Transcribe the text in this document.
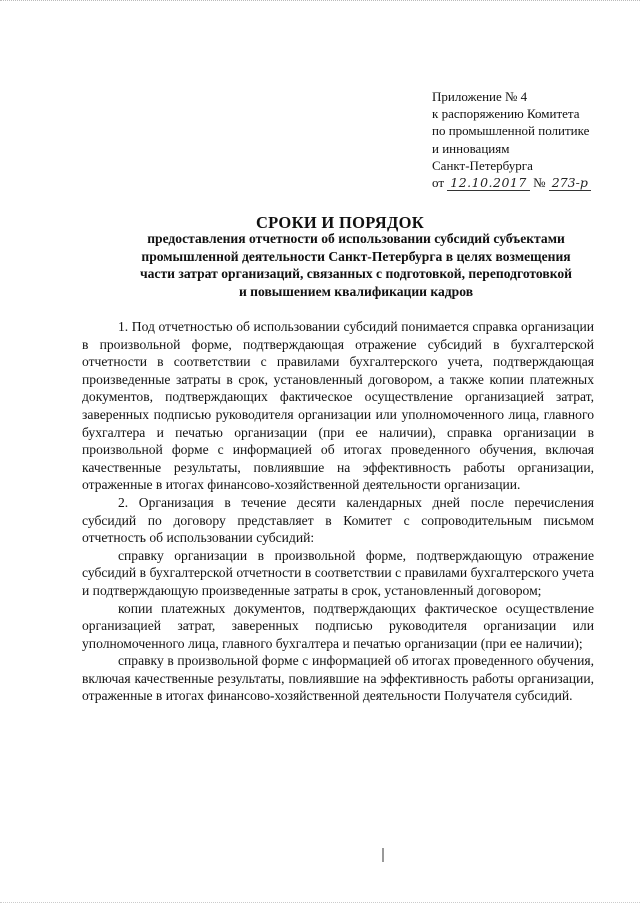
Приложение № 4
к распоряжению Комитета
по промышленной политике
и инновациям
Санкт-Петербурга
от 12.10.2017 № 273-р
СРОКИ И ПОРЯДОК
предоставления отчетности об использовании субсидий субъектами
промышленной деятельности Санкт-Петербурга в целях возмещения
части затрат организаций, связанных с подготовкой, переподготовкой
и повышением квалификации кадров

1. Под отчетностью об использовании субсидий понимается справка организации в произвольной форме, подтверждающая отражение субсидий в бухгалтерской отчетности в соответствии с правилами бухгалтерского учета, подтверждающая произведенные затраты в срок, установленный договором, а также копии платежных документов, подтверждающих фактическое осуществление организацией затрат, заверенных подписью руководителя организации или уполномоченного лица, главного бухгалтера и печатью организации (при ее наличии), справка организации в произвольной форме с информацией об итогах проведенного обучения, включая качественные результаты, повлиявшие на эффективность работы организации, отраженные в итогах финансово-хозяйственной деятельности организации.

2. Организация в течение десяти календарных дней после перечисления субсидий по договору представляет в Комитет с сопроводительным письмом отчетность об использовании субсидий:

справку организации в произвольной форме, подтверждающую отражение субсидий в бухгалтерской отчетности в соответствии с правилами бухгалтерского учета и подтверждающую произведенные затраты в срок, установленный договором;

копии платежных документов, подтверждающих фактическое осуществление организацией затрат, заверенных подписью руководителя организации или уполномоченного лица, главного бухгалтера и печатью организации (при ее наличии);

справку в произвольной форме с информацией об итогах проведенного обучения, включая качественные результаты, повлиявшие на эффективность работы организации, отраженные в итогах финансово-хозяйственной деятельности Получателя субсидий.
